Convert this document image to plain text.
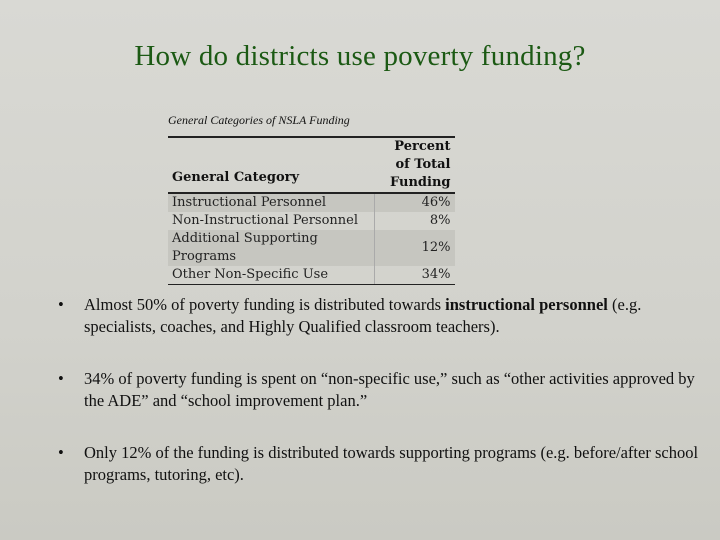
How do districts use poverty funding?
General Categories of NSLA Funding
General Category	Percent of Total Funding
Instructional Personnel	46%
Non-Instructional Personnel	8%
Additional Supporting Programs	12%
Other Non-Specific Use	34%
• Almost 50% of poverty funding is distributed towards instructional personnel (e.g. specialists, coaches, and Highly Qualified classroom teachers).
• 34% of poverty funding is spent on “non-specific use,” such as “other activities approved by the ADE” and “school improvement plan.”
• Only 12% of the funding is distributed towards supporting programs (e.g. before/after school programs, tutoring, etc).
